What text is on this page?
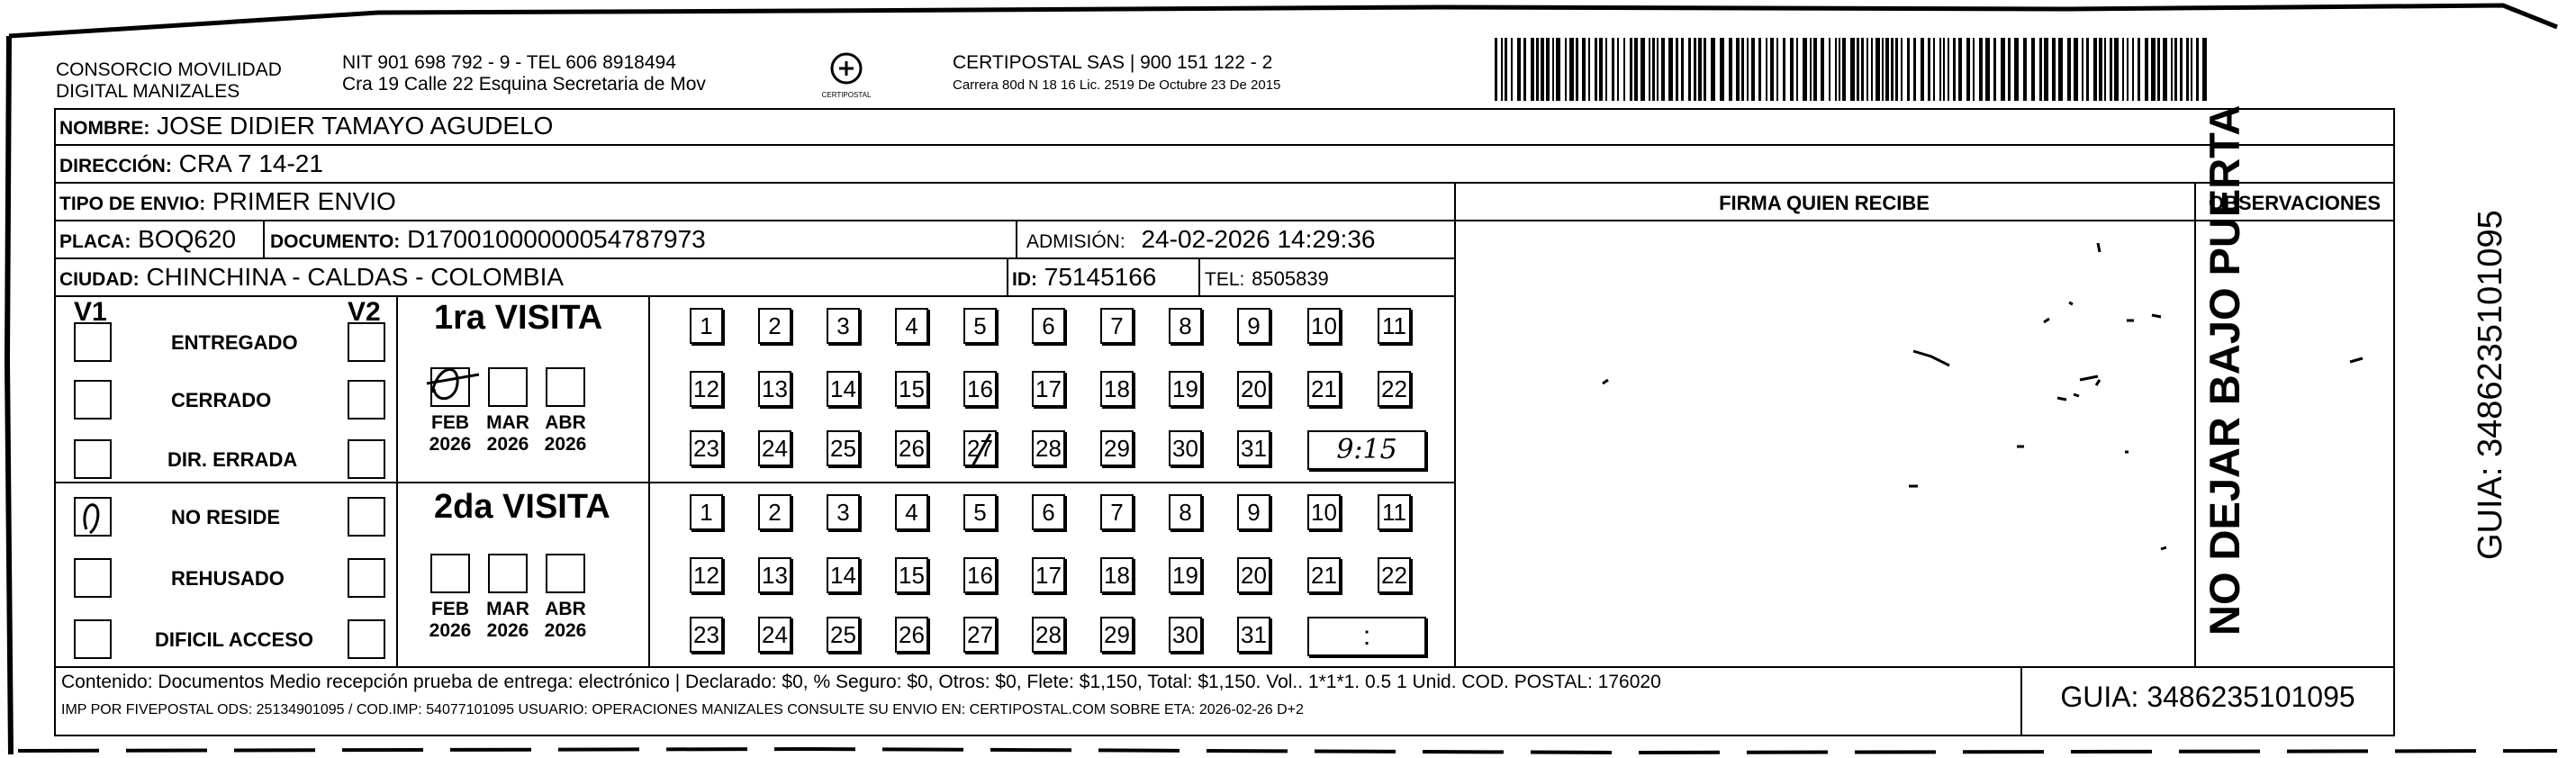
CONSORCIO MOVILIDAD
DIGITAL MANIZALES
NIT 901 698 792 - 9 - TEL 606 8918494
Cra 19 Calle 22 Esquina Secretaria de Mov
CERTIPOSTAL
CERTIPOSTAL SAS | 900 151 122 - 2
Carrera 80d N 18 16 Lic. 2519 De Octubre 23 De 2015
NOMBRE: JOSE DIDIER TAMAYO AGUDELO
DIRECCIÓN: CRA 7 14-21
TIPO DE ENVIO: PRIMER ENVIO	FIRMA QUIEN RECIBE	OBSERVACIONES
PLACA: BOQ620 DOCUMENTO: D17001000000054787973	ADMISIÓN: 24-02-2026 14:29:36
CIUDAD: CHINCHINA - CALDAS - COLOMBIA	ID: 75145166	TEL: 8505839
V1	V2
ENTREGADO
CERRADO
DIR. ERRADA
NO RESIDE
REHUSADO
DIFICIL ACCESO
1ra VISITA
2da VISITA
FEB
2026
MAR
2026
ABR
2026
1	2	3	4	5	6	7	8	9	10 11
12 13 14 15 16 17 18 19 20 21 22
23 24 25 26 27 28 29 30 31	9:15
FEB
2026
MAR
2026
ABR
2026
1	2	3	4	5	6	7	8	9	10 11
12 13 14 15 16 17 18 19 20 21 22
23 24 25 26 27 28 29 30 31	:
Contenido: Documentos Medio recepción prueba de entrega: electrónico | Declarado: $0, % Seguro: $0, Otros: $0, Flete: $1,150, Total: $1,150. Vol.. 1*1*1. 0.5 1 Unid. COD. POSTAL: 176020
IMP POR FIVEPOSTAL ODS: 25134901095 / COD.IMP: 54077101095 USUARIO: OPERACIONES MANIZALES CONSULTE SU ENVIO EN: CERTIPOSTAL.COM SOBRE ETA: 2026-02-26 D+2	GUIA: 3486235101095
NO DEJAR BAJO PUERTA	GUIA: 3486235101095
